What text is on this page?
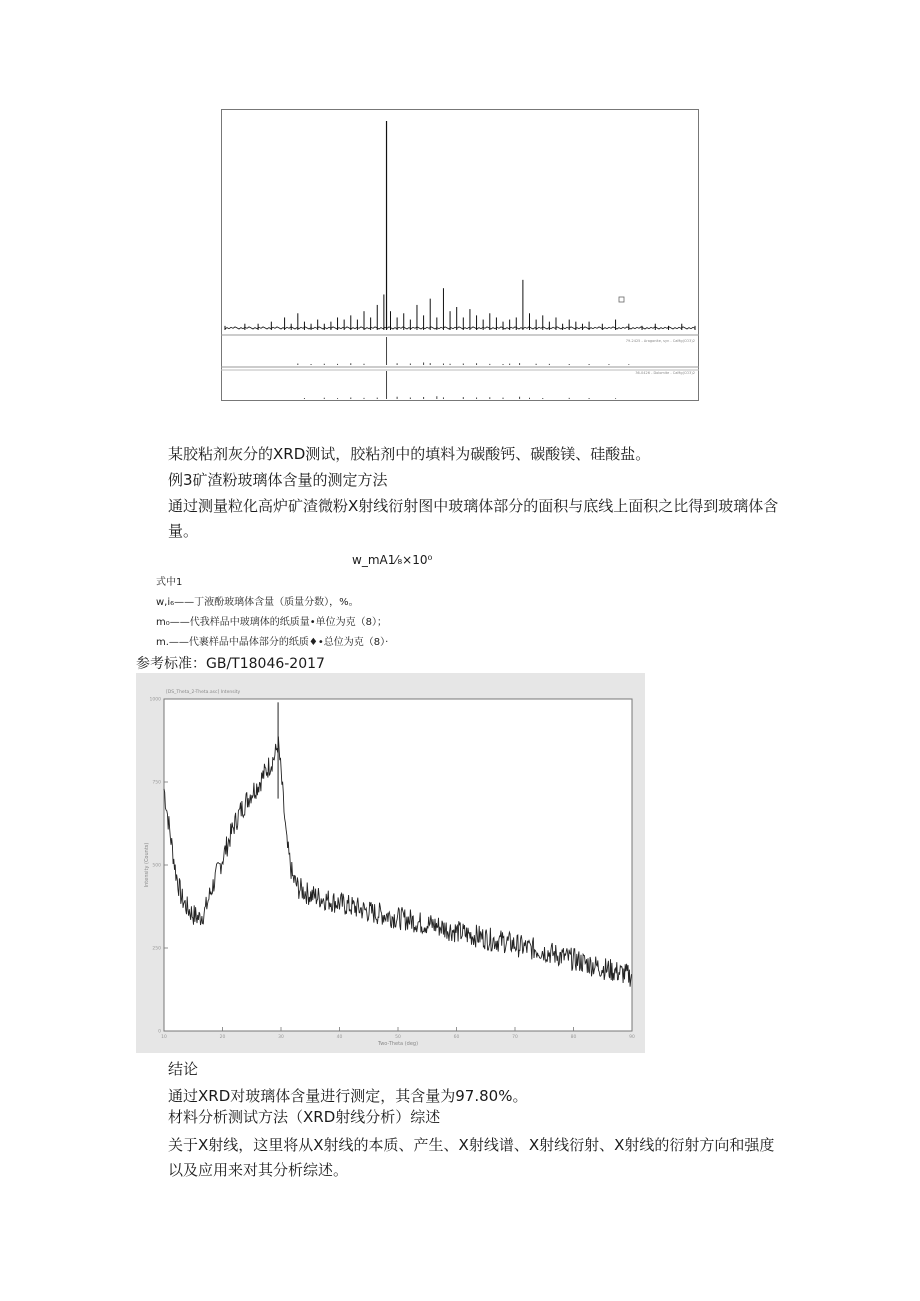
79-2425 - Aragonite, syn - CaMg(CO3)2
36-0426 - Dolomite - CaMg(CO3)2
某胶粘剂灰分的XRD测试，胶粘剂中的填料为碳酸钙、碳酸镁、硅酸盐。
例3矿渣粉玻璃体含量的测定方法
通过测量粒化高炉矿渣微粉X射线衍射图中玻璃体部分的面积与底线上面积之比得到玻璃体含量。
w_mA1⁄₈×10⁰
式中1
w,i₆——丁液酚玻璃体含量（质量分数），%。
m₀——代我样品中玻璃体的纸质量•单位为克（8）；
m.——代裹样品中晶体部分的纸质♦•总位为克（8）·
参考标准：GB/T18046-2017
[DS_Theta_2-Theta.asc] Intensity
Two-Theta (deg)
Intensity (Counts)
0
250
500
750
1000
10	20	30	40	50	60	70	80	90
结论
通过XRD对玻璃体含量进行测定，其含量为97.80%。
材料分析测试方法（XRD射线分析）综述
关于X射线，这里将从X射线的本质、产生、X射线谱、X射线衍射、X射线的衍射方向和强度以及应用来对其分析综述。
